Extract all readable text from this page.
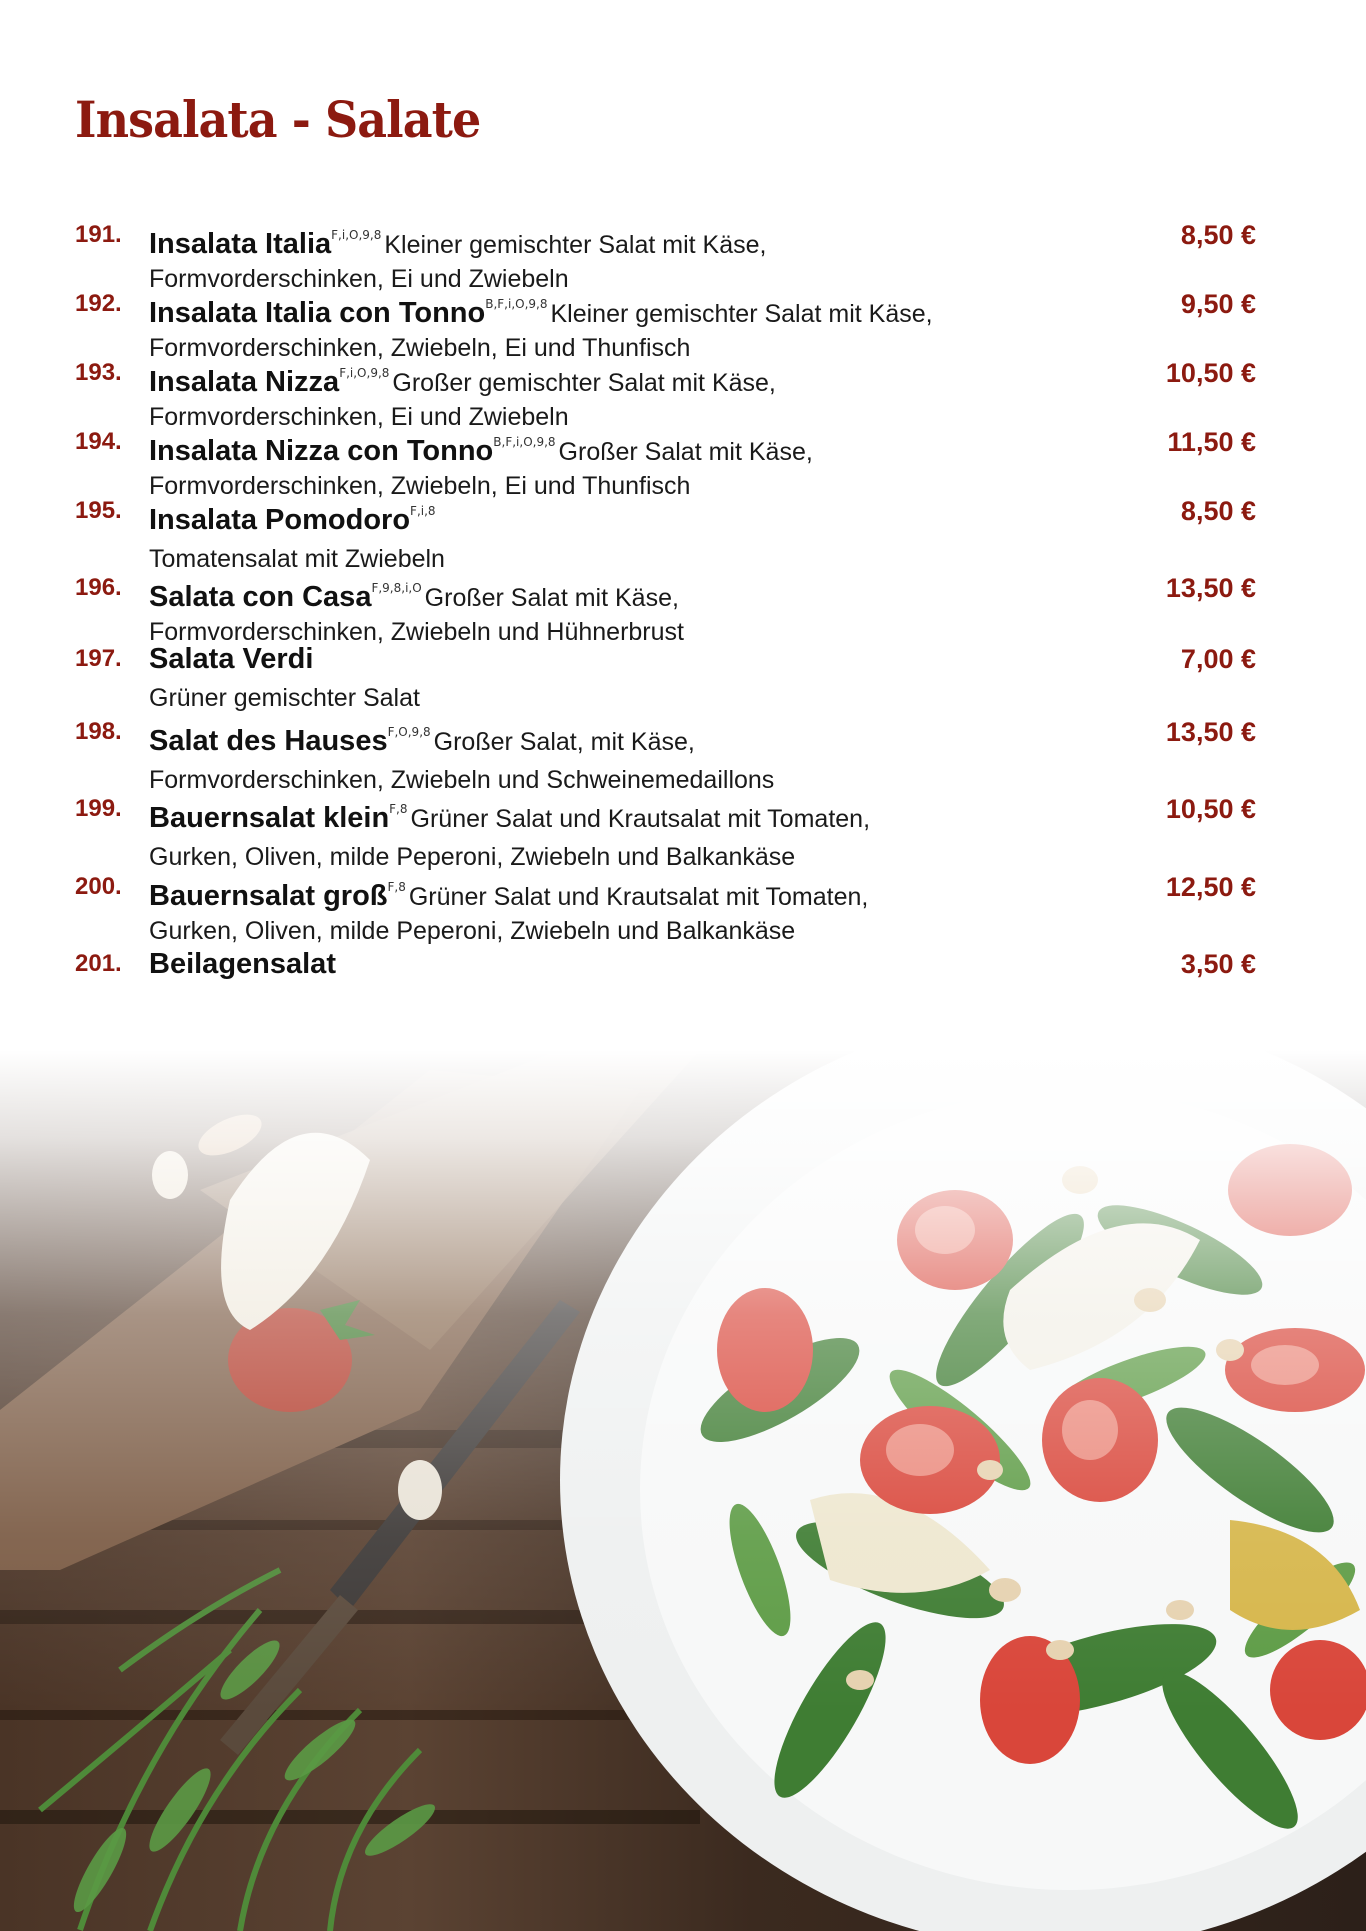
Insalata - Salate
191. Insalata Italia$^{F,i,O,9,8}$ Kleiner gemischter Salat mit Käse,
Formvorderschinken, Ei und Zwiebeln
8,50 €
192. Insalata Italia con Tonno$^{B,F,i,O,9,8}$ Kleiner gemischter Salat mit Käse,
Formvorderschinken, Zwiebeln, Ei und Thunfisch
9,50 €
193. Insalata Nizza$^{F,i,O,9,8}$ Großer gemischter Salat mit Käse,
Formvorderschinken, Ei und Zwiebeln
10,50 €
194. Insalata Nizza con Tonno$^{B,F,i,O,9,8}$ Großer Salat mit Käse,
Formvorderschinken, Zwiebeln, Ei und Thunfisch
11,50 €
195. Insalata Pomodoro$^{F,i,8}$
Tomatensalat mit Zwiebeln
8,50 €
196. Salata con Casa$^{F,9,8,i,O}$ Großer Salat mit Käse,
Formvorderschinken, Zwiebeln und Hühnerbrust
13,50 €
197. Salata Verdi
Grüner gemischter Salat
7,00 €
198. Salat des Hauses$^{F,O,9,8}$ Großer Salat, mit Käse,
Formvorderschinken, Zwiebeln und Schweinemedaillons
13,50 €
199. Bauernsalat klein$^{F,8}$ Grüner Salat und Krautsalat mit Tomaten,
Gurken, Oliven, milde Peperoni, Zwiebeln und Balkankäse
10,50 €
200. Bauernsalat groß$^{F,8}$ Grüner Salat und Krautsalat mit Tomaten,
Gurken, Oliven, milde Peperoni, Zwiebeln und Balkankäse
12,50 €
201. Beilagensalat	3,50 €
